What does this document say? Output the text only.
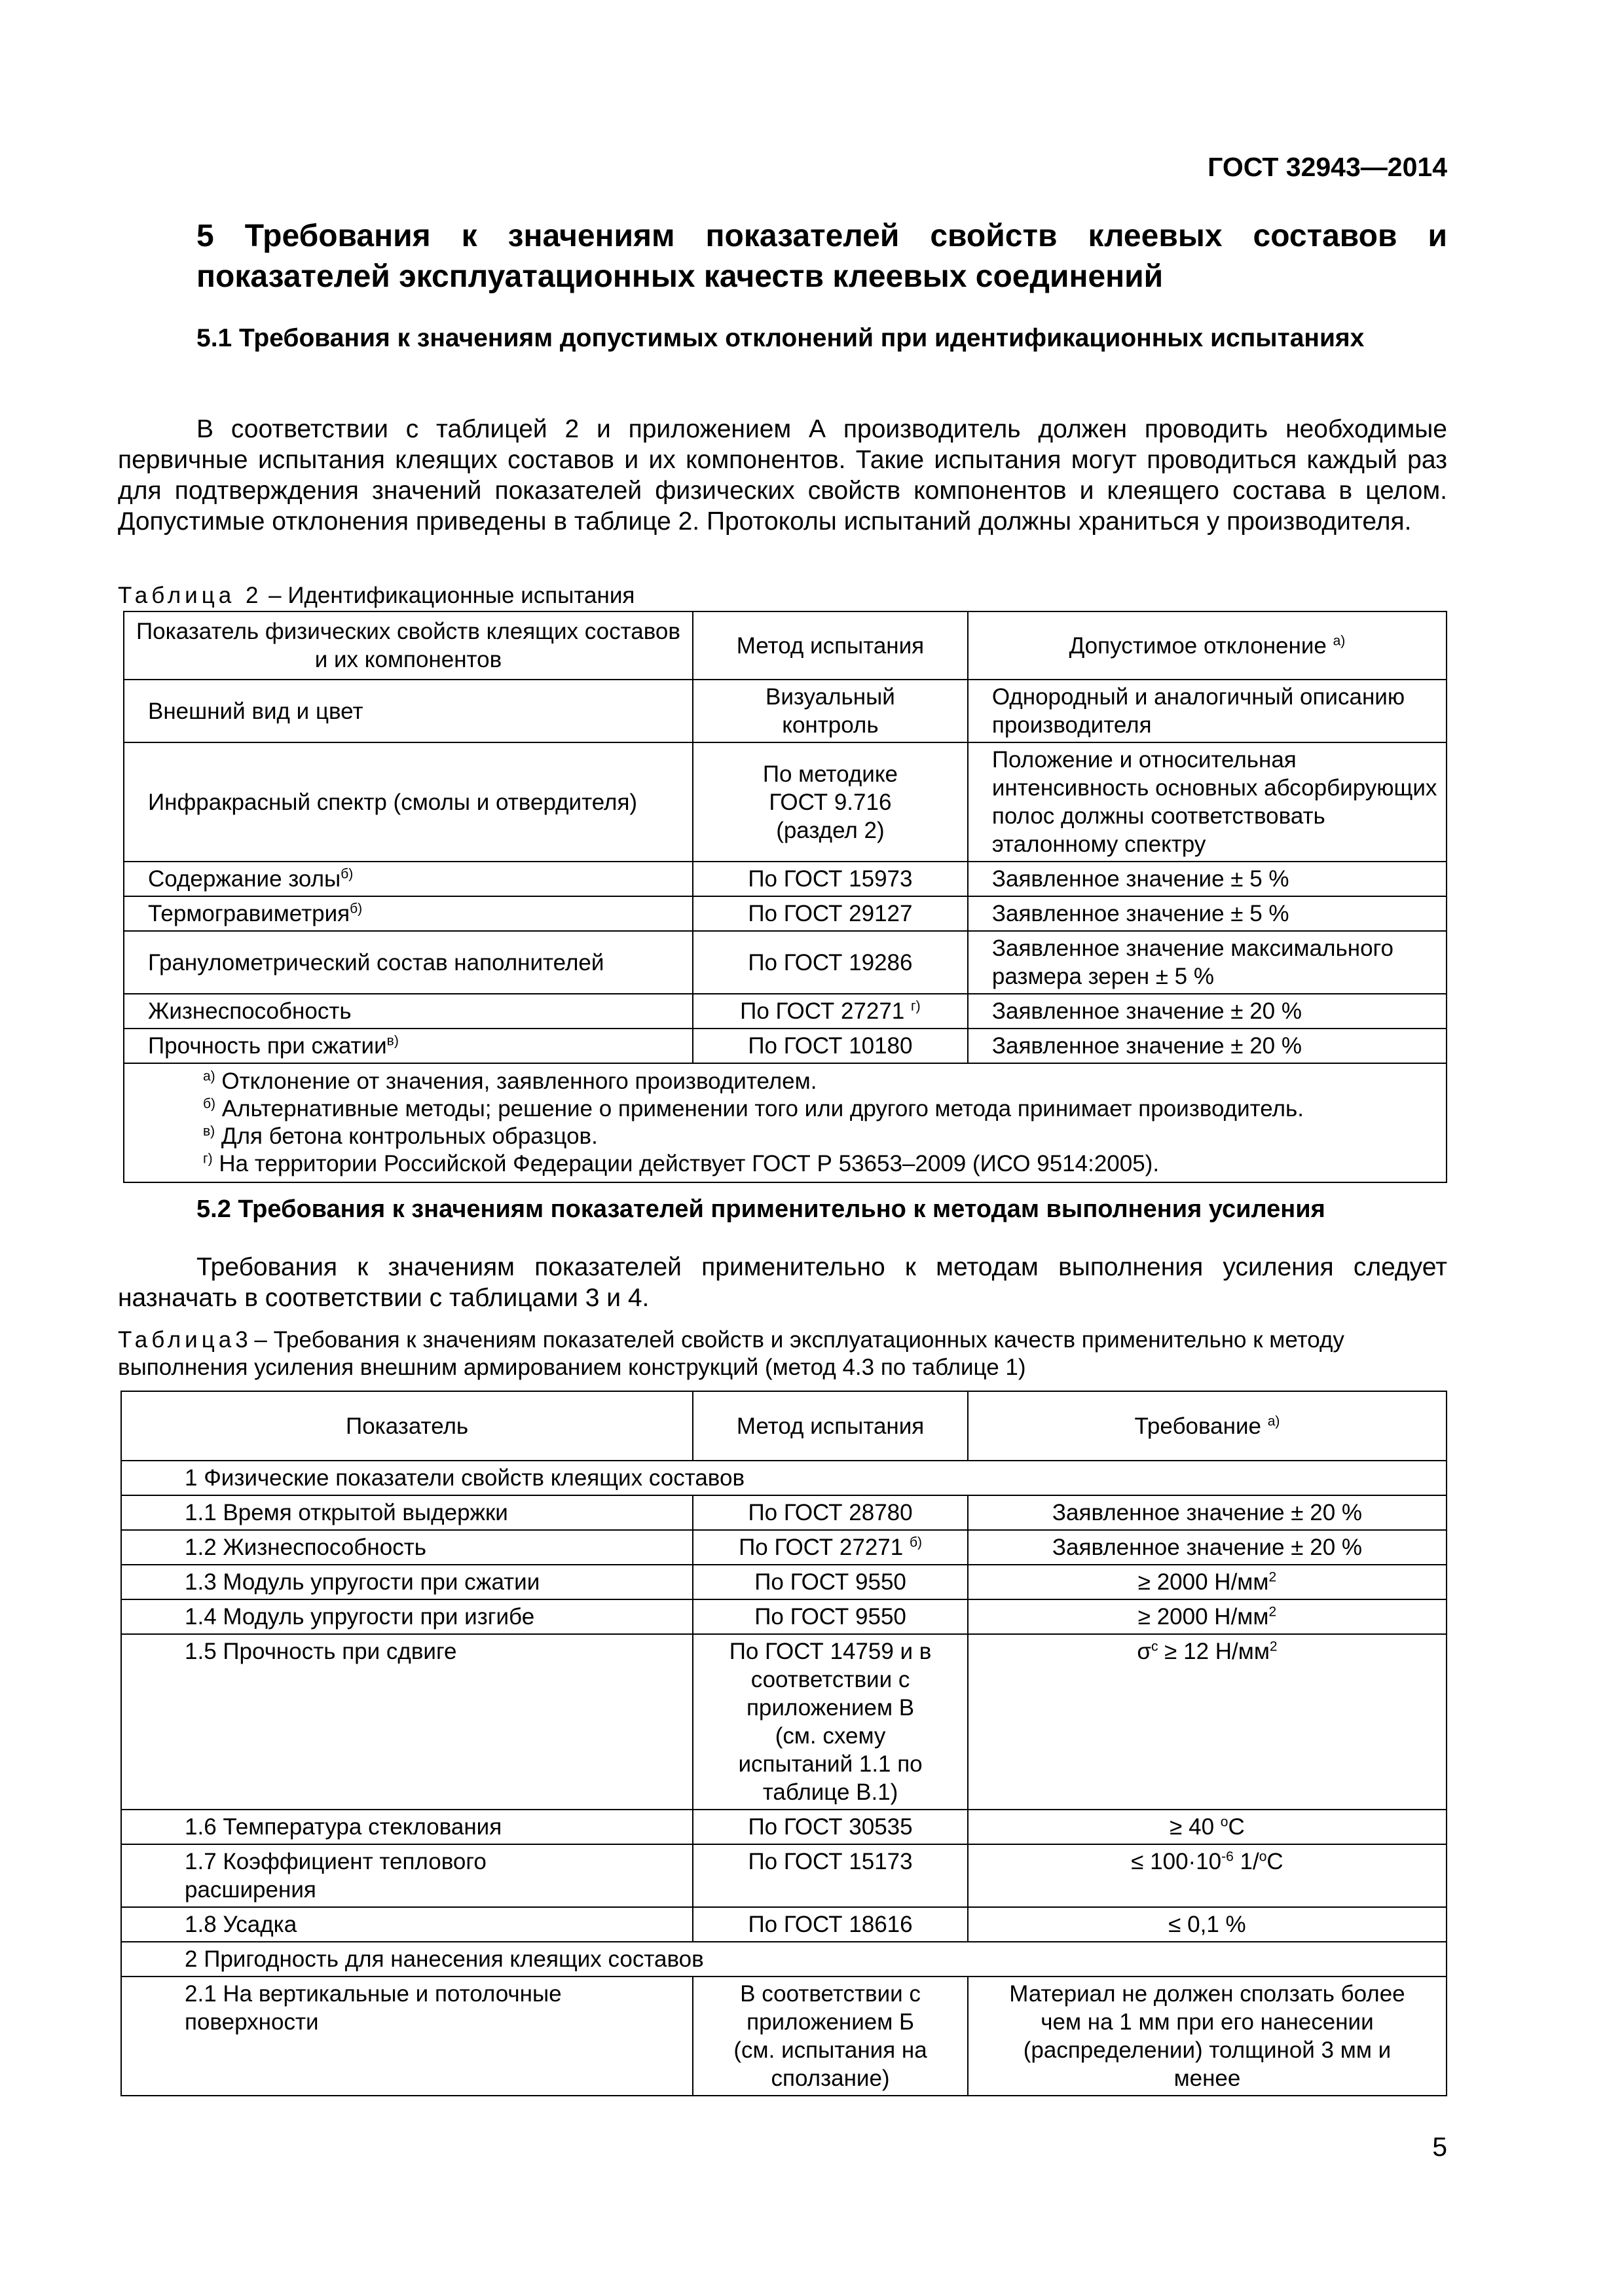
ГОСТ 32943—2014
5 Требования к значениям показателей свойств клеевых составов и показателей эксплуатационных качеств клеевых соединений
5.1 Требования к значениям допустимых отклонений при идентификационных испытаниях
В соответствии с таблицей 2 и приложением А производитель должен проводить необходимые первичные испытания клеящих составов и их компонентов. Такие испытания могут проводиться каждый раз для подтверждения значений показателей физических свойств компонентов и клеящего состава в целом. Допустимые отклонения приведены в таблице 2. Протоколы испытаний должны храниться у производителя.
Таблица 2 – Идентификационные испытания
Показатель физических свойств клеящих составов и их компонентов	Метод испытания	Допустимое отклонение $^{а)}$
Внешний вид и цвет	Визуальный контроль	Однородный и аналогичный описанию производителя
Инфракрасный спектр (смолы и отвердителя)	По методике ГОСТ 9.716 (раздел 2)	Положение и относительная интенсивность основных абсорбирующих полос должны соответствовать эталонному спектру
Содержание золы$^{б)}$	По ГОСТ 15973	Заявленное значение ± 5 %
Термогравиметрия$^{б)}$	По ГОСТ 29127	Заявленное значение ± 5 %
Гранулометрический состав наполнителей	По ГОСТ 19286	Заявленное значение максимального размера зерен ± 5 %
Жизнеспособность	По ГОСТ 27271 $^{г)}$	Заявленное значение ± 20 %
Прочность при сжатии$^{в)}$	По ГОСТ 10180	Заявленное значение ± 20 %

$^{а)}$ Отклонение от значения, заявленного производителем.
$^{б)}$ Альтернативные методы; решение о применении того или другого метода принимает производитель.
$^{в)}$ Для бетона контрольных образцов.
$^{г)}$ На территории Российской Федерации действует ГОСТ Р 53653–2009 (ИСО 9514:2005).		
5.2 Требования к значениям показателей применительно к методам выполнения усиления
Требования к значениям показателей применительно к методам выполнения усиления следует назначать в соответствии с таблицами 3 и 4.
Таблица3 – Требования к значениям показателей свойств и эксплуатационных качеств применительно к методу выполнения усиления внешним армированием конструкций (метод 4.3 по таблице 1)
Показатель	Метод испытания	Требование $^{а)}$
1 Физические показатели свойств клеящих составов		
1.1 Время открытой выдержки	По ГОСТ 28780	Заявленное значение ± 20 %
1.2 Жизнеспособность	По ГОСТ 27271 $^{б)}$	Заявленное значение ± 20 %
1.3 Модуль упругости при сжатии	По ГОСТ 9550	≥ 2000 $Н/мм^2$
1.4 Модуль упругости при изгибе	По ГОСТ 9550	≥ 2000 $Н/мм^2$
1.5 Прочность при сдвиге	По ГОСТ 14759 и в соответствии с приложением В (см. схему испытаний 1.1 по таблице В.1)	$\sigma^c \ge 12$ $Н/мм^2$
1.6 Температура стеклования	По ГОСТ 30535	≥ 40 $^о$С
1.7 Коэффициент теплового расширения	По ГОСТ 15173	≤ $100\cdot 10^{-6}$ 1/$^о$С
1.8 Усадка	По ГОСТ 18616	≤ 0,1 %
2 Пригодность для нанесения клеящих составов		
2.1 На вертикальные и потолочные поверхности	В соответствии с приложением Б (см. испытания на сползание)	Материал не должен сползать более чем на 1 мм при его нанесении (распределении) толщиной 3 мм и менее
5
